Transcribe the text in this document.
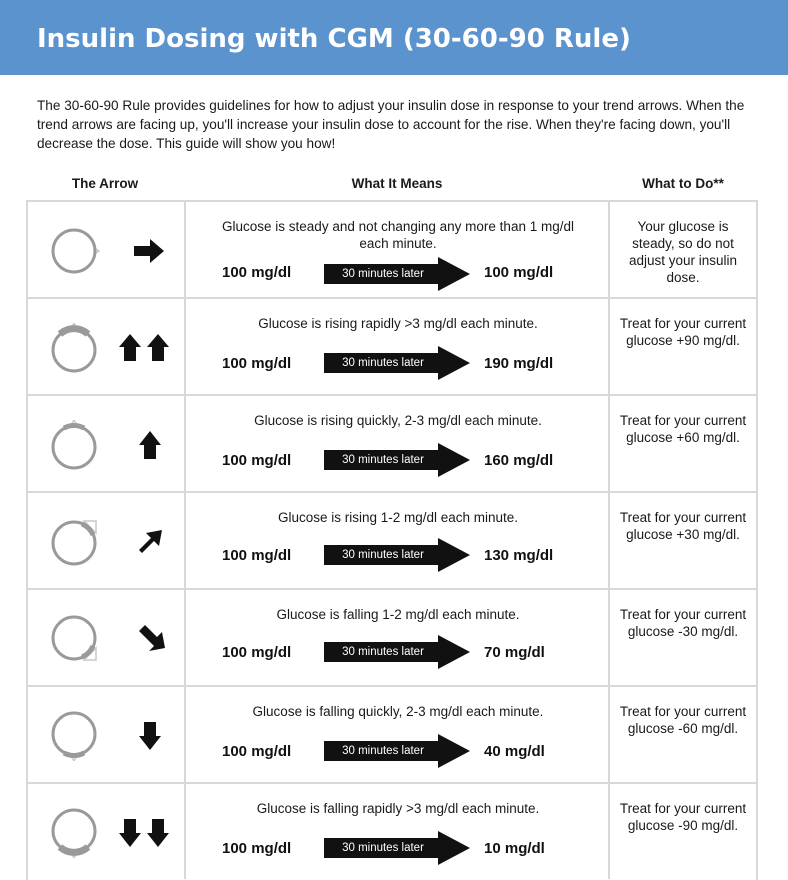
Insulin Dosing with CGM (30-60-90 Rule)

The 30-60-90 Rule provides guidelines for how to adjust your insulin dose in response to your trend arrows. When the trend arrows are facing up, you'll increase your insulin dose to account for the rise. When they're facing down, you'll decrease the dose. This guide will show you how!

The Arrow	What It Means	What to Do**
Glucose is steady and not changing any more than 1 mg/dl each minute.
100 mg/dl	30 minutes later	100 mg/dl
Your glucose is steady, so do not adjust your insulin dose.
Glucose is rising rapidly >3 mg/dl each minute.
100 mg/dl	30 minutes later	190 mg/dl
Treat for your current glucose +90 mg/dl.
Glucose is rising quickly, 2-3 mg/dl each minute.
100 mg/dl	30 minutes later	160 mg/dl
Treat for your current glucose +60 mg/dl.
Glucose is rising 1-2 mg/dl each minute.
100 mg/dl	30 minutes later	130 mg/dl
Treat for your current glucose +30 mg/dl.
Glucose is falling 1-2 mg/dl each minute.
100 mg/dl	30 minutes later	70 mg/dl
Treat for your current glucose -30 mg/dl.
Glucose is falling quickly, 2-3 mg/dl each minute.
100 mg/dl	30 minutes later	40 mg/dl
Treat for your current glucose -60 mg/dl.
Glucose is falling rapidly >3 mg/dl each minute.
100 mg/dl	30 minutes later	10 mg/dl
Treat for your current glucose -90 mg/dl.
